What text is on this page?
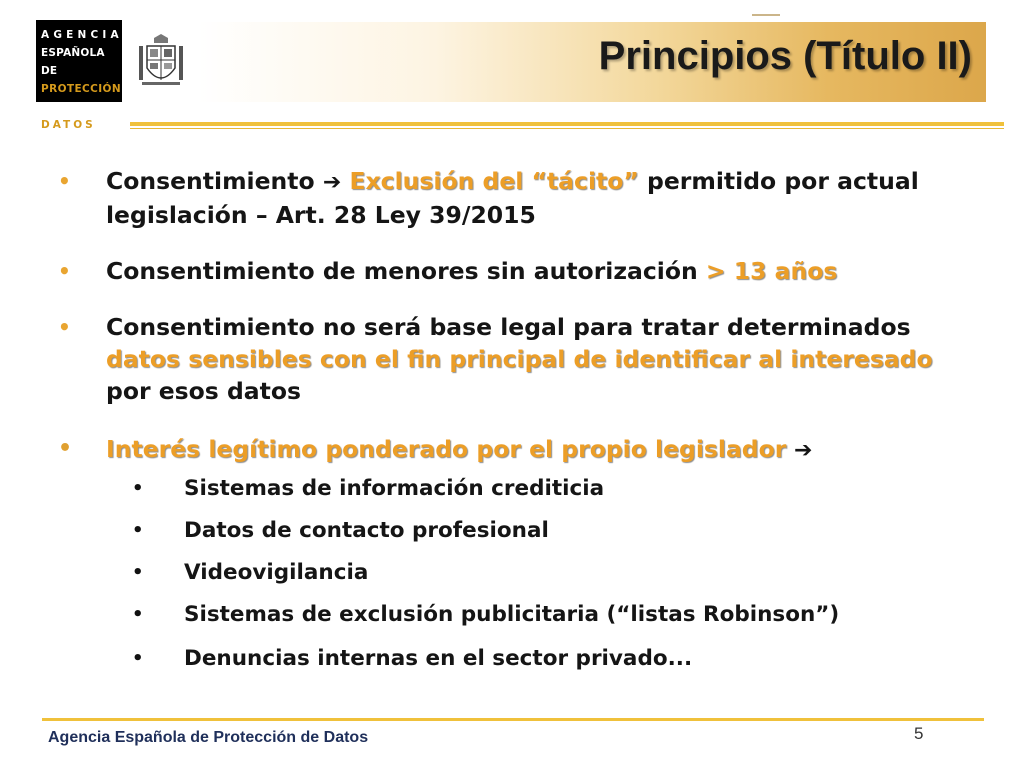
AGENCIA
ESPAÑOLA DE
PROTECCIÓN
DE DATOS
Principios (Título II)
• Consentimiento ➔ Exclusión del “tácito” permitido por actual legislación – Art. 28 Ley 39/2015
• Consentimiento de menores sin autorización > 13 años
• Consentimiento no será base legal para tratar determinados datos sensibles con el fin principal de identificar al interesado por esos datos
• Interés legítimo ponderado por el propio legislador ➔
• Sistemas de información crediticia
• Datos de contacto profesional
• Videovigilancia
• Sistemas de exclusión publicitaria (“listas Robinson”)
• Denuncias internas en el sector privado...
Agencia Española de Protección de Datos	5
